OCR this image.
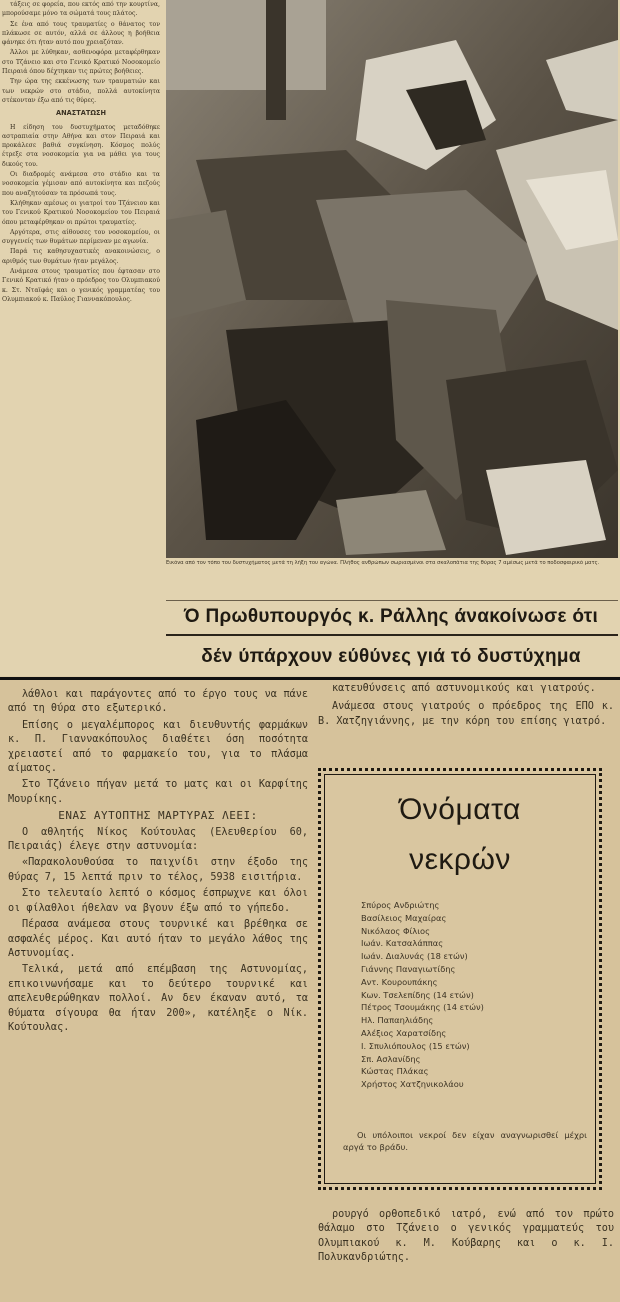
τάξεις σε φορεία, που εκτός από την κουρτίνα, μπορούσαμε μόνο τα σώματά τους πλάτος.

Σε ένα από τους τραυματίες ο θάνατος τον πλάκωσε σε αυτόν, αλλά σε άλλους η βοήθεια φάνηκε ότι ήταν αυτό που χρειαζόταν.

Άλλοι με λύθηκαν, ασθενοφόρα μεταφέρθηκαν στο Τζάνειο και στο Γενικό Κρατικό Νοσοκομείο Πειραιά όπου δέχτηκαν τις πρώτες βοήθειες.

Την ώρα της εκκένωσης των τραυματιών και των νεκρών στο στάδιο, πολλά αυτοκίνητα στέκονταν έξω από τις θύρες.

ΑΝΑΣΤΑΤΩΣΗ

Η είδηση του δυστυχήματος μεταδόθηκε αστραπιαία στην Αθήνα και στον Πειραιά και προκάλεσε βαθιά συγκίνηση. Κόσμος πολύς έτρεξε στα νοσοκομεία για να μάθει για τους δικούς του.

Οι διαδρομές ανάμεσα στο στάδιο και τα νοσοκομεία γέμισαν από αυτοκίνητα και πεζούς που αναζητούσαν τα πρόσωπά τους.

Κλήθηκαν αμέσως οι γιατροί του Τζάνειου και του Γενικού Κρατικού Νοσοκομείου του Πειραιά όπου μεταφέρθηκαν οι πρώτοι τραυματίες.

Αργότερα, στις αίθουσες του νοσοκομείου, οι συγγενείς των θυμάτων περίμεναν με αγωνία.

Παρά τις καθησυχαστικές ανακοινώσεις, ο αριθμός των θυμάτων ήταν μεγάλος.

Ανάμεσα στους τραυματίες που έφτασαν στο Γενικό Κρατικό ήταν ο πρόεδρος του Ολυμπιακού κ. Στ. Νταϊφάς και ο γενικός γραμματέας του Ολυμπιακού κ. Παύλος Γιαννακόπουλος.

Εικόνα από τον τόπο του δυστυχήματος μετά τη λήξη του αγώνα. Πλήθος ανθρώπων σωριασμένοι στα σκαλοπάτια της θύρας 7 αμέσως μετά το ποδοσφαιρικό ματς.
Ό Πρωθυπουργός κ. Ράλλης άνακοίνωσε ότι
δέν ύπάρχουν εύθύνες γιά τό δυστύχημα

λάθλοι και παράγοντες από το έργο τους να πάνε από τη θύρα στο εξωτερικό.

Επίσης ο μεγαλέμπορος και διευθυντής φαρμάκων κ. Π. Γιαννακόπουλος διαθέτει όση ποσότητα χρειαστεί από το φαρμακείο του, για το πλάσμα αίματος.

Στο Τζάνειο πήγαν μετά το ματς και οι Καρφίτης Μουρίκης.

ΕΝΑΣ ΑΥΤΟΠΤΗΣ ΜΑΡΤΥΡΑΣ ΛΕΕΙ:

Ο αθλητής Νίκος Κούτουλας (Ελευθερίου 60, Πειραιάς) έλεγε στην αστυνομία:

«Παρακολουθούσα το παιχνίδι στην έξοδο της θύρας 7, 15 λεπτά πριν το τέλος, 5938 εισιτήρια.

Στο τελευταίο λεπτό ο κόσμος έσπρωχνε και όλοι οι φίλαθλοι ήθελαν να βγουν έξω από το γήπεδο.

Πέρασα ανάμεσα στους τουρνικέ και βρέθηκα σε ασφαλές μέρος. Και αυτό ήταν το μεγάλο λάθος της Αστυνομίας.

Τελικά, μετά από επέμβαση της Αστυνομίας, επικοινωνήσαμε και το δεύτερο τουρνικέ και απελευθερώθηκαν πολλοί. Αν δεν έκαναν αυτό, τα θύματα σίγουρα θα ήταν 200», κατέληξε ο Νίκ. Κούτουλας.

κατευθύνσεις από αστυνομικούς και γιατρούς.

Ανάμεσα στους γιατρούς ο πρόεδρος της ΕΠΟ κ. Β. Χατζηγιάννης, με την κόρη του επίσης γιατρό.

Όνόματα
νεκρών
Σπύρος Ανδριώτης
Βασίλειος Μαχαίρας
Νικόλαος Φίλιος
Ιωάν. Κατσαλάππας
Ιωάν. Διαλυνάς (18 ετών)
Γιάννης Παναγιωτίδης
Αντ. Κουρουπάκης
Κων. Τσελεπίδης (14 ετών)
Πέτρος Τσουμάκης (14 ετών)
Ηλ. Παπαηλιάδης
Αλέξιος Χαρατσίδης
Ι. Σπυλιόπουλος (15 ετών)
Σπ. Ασλανίδης
Κώστας Πλάκας
Χρήστος Χατζηνικολάου
Οι υπόλοιποι νεκροί δεν είχαν αναγνωρισθεί μέχρι αργά το βράδυ.

ρουργό ορθοπεδικό ιατρό, ενώ από τον πρώτο θάλαμο στο Τζάνειο ο γενικός γραμματεύς του Ολυμπιακού κ. Μ. Κούβαρης και ο κ. Ι. Πολυκανδριώτης.
